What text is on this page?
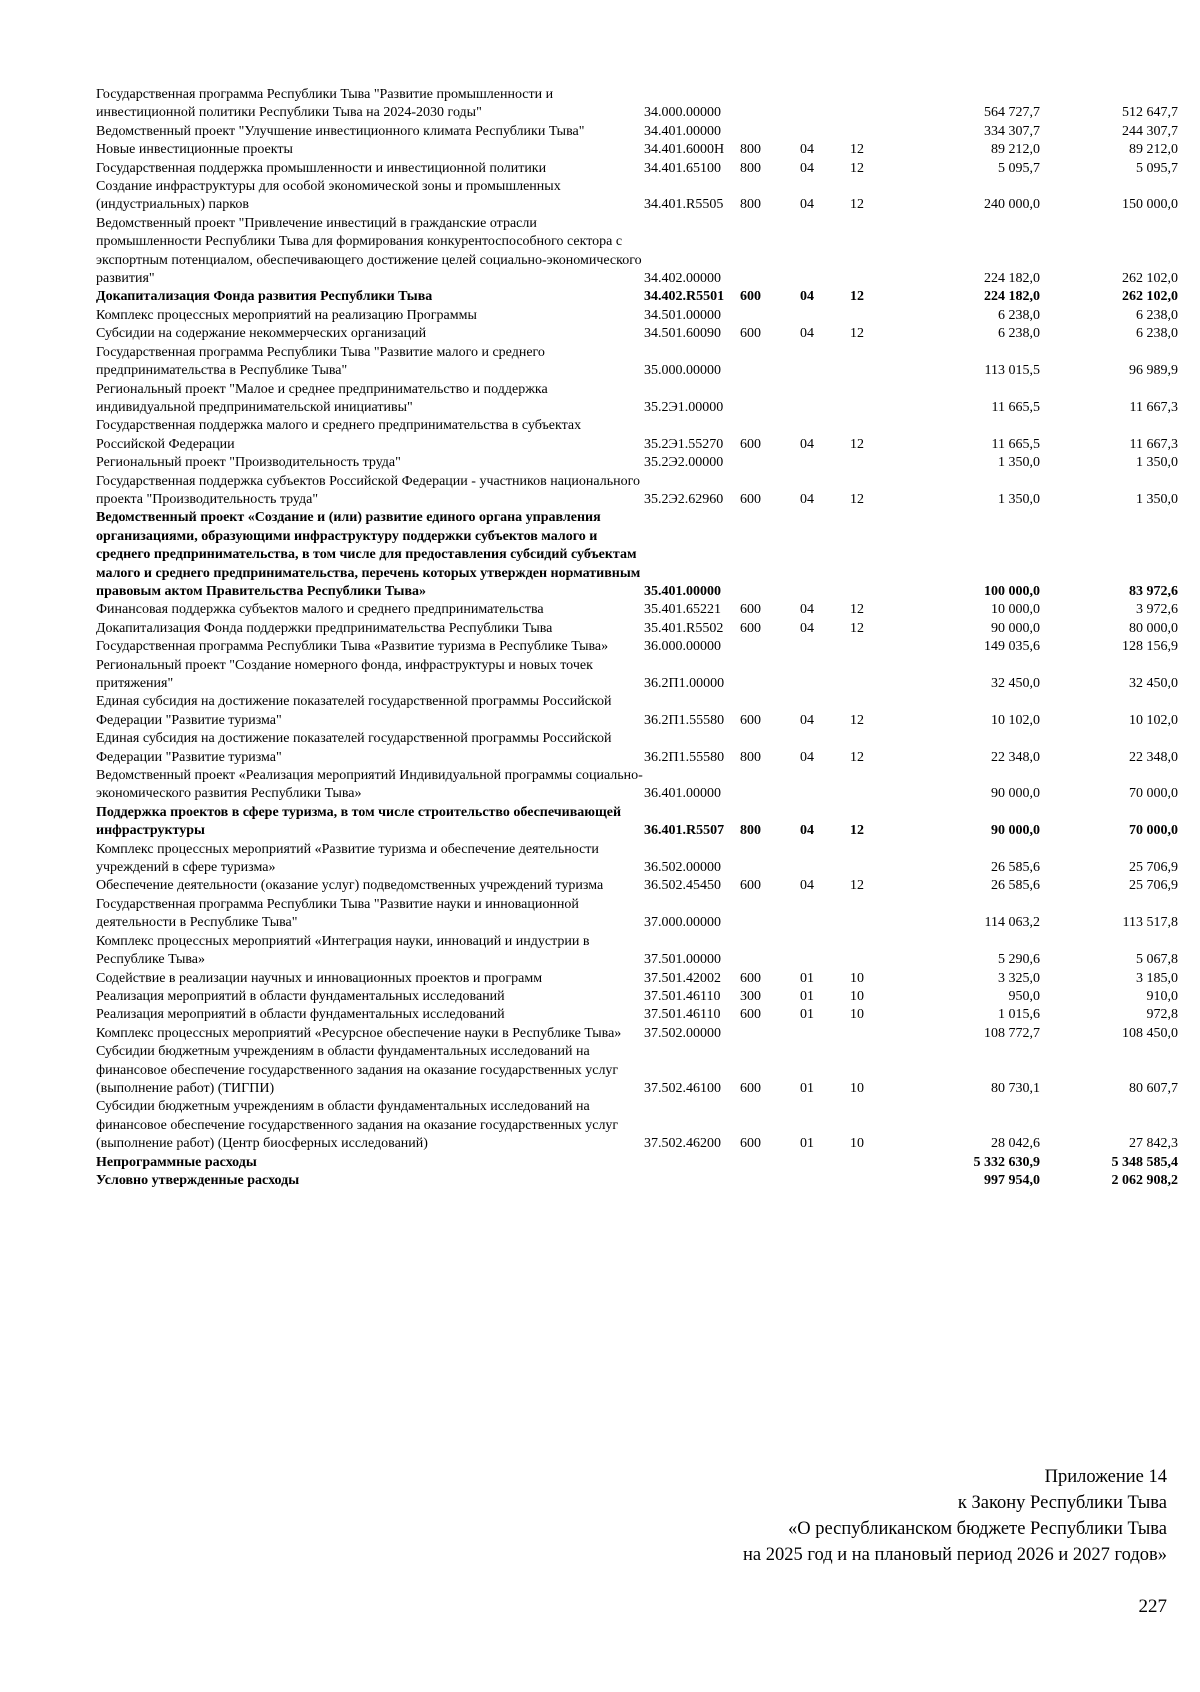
Государственная программа Республики Тыва "Развитие промышленности и инвестиционной политики Республики Тыва на 2024-2030 годы"	34.000.00000				564 727,7	512 647,7
Ведомственный проект "Улучшение инвестиционного климата Республики Тыва"	34.401.00000				334 307,7	244 307,7
Новые инвестиционные проекты	34.401.6000Н	800	04	12	89 212,0	89 212,0
Государственная поддержка промышленности и инвестиционной политики	34.401.65100	800	04	12	5 095,7	5 095,7
Создание инфраструктуры для особой экономической зоны и промышленных (индустриальных) парков	34.401.R5505	800	04	12	240 000,0	150 000,0
Ведомственный проект "Привлечение инвестиций в гражданские отрасли промышленности Республики Тыва для формирования конкурентоспособного сектора с экспортным потенциалом, обеспечивающего достижение целей социально-экономического развития"	34.402.00000				224 182,0	262 102,0
Докапитализация Фонда развития Республики Тыва	34.402.R5501	600	04	12	224 182,0	262 102,0
Комплекс процессных мероприятий на реализацию Программы	34.501.00000				6 238,0	6 238,0
Субсидии на содержание некоммерческих организаций	34.501.60090	600	04	12	6 238,0	6 238,0
Государственная программа Республики Тыва "Развитие малого и среднего предпринимательства в Республике Тыва"	35.000.00000				113 015,5	96 989,9
Региональный проект "Малое и среднее предпринимательство и поддержка индивидуальной предпринимательской инициативы"	35.2Э1.00000				11 665,5	11 667,3
Государственная поддержка малого и среднего предпринимательства в субъектах Российской Федерации	35.2Э1.55270	600	04	12	11 665,5	11 667,3
Региональный проект "Производительность труда"	35.2Э2.00000				1 350,0	1 350,0
Государственная поддержка субъектов Российской Федерации - участников национального проекта "Производительность труда"	35.2Э2.62960	600	04	12	1 350,0	1 350,0
Ведомственный проект «Создание и (или) развитие единого органа управления организациями, образующими инфраструктуру поддержки субъектов малого и среднего предпринимательства, в том числе для предоставления субсидий субъектам малого и среднего предпринимательства, перечень которых утвержден нормативным правовым актом Правительства Республики Тыва»	35.401.00000				100 000,0	83 972,6
Финансовая поддержка субъектов малого и среднего предпринимательства	35.401.65221	600	04	12	10 000,0	3 972,6
Докапитализация Фонда поддержки предпринимательства Республики Тыва	35.401.R5502	600	04	12	90 000,0	80 000,0
Государственная программа Республики Тыва «Развитие туризма в Республике Тыва»	36.000.00000				149 035,6	128 156,9
Региональный проект "Создание номерного фонда, инфраструктуры и новых точек притяжения"	36.2П1.00000				32 450,0	32 450,0
Единая субсидия на достижение показателей государственной программы Российской Федерации "Развитие туризма"	36.2П1.55580	600	04	12	10 102,0	10 102,0
Единая субсидия на достижение показателей государственной программы Российской Федерации "Развитие туризма"	36.2П1.55580	800	04	12	22 348,0	22 348,0
Ведомственный проект «Реализация мероприятий Индивидуальной программы социально-экономического развития Республики Тыва»	36.401.00000				90 000,0	70 000,0
Поддержка проектов в сфере туризма, в том числе строительство обеспечивающей инфраструктуры	36.401.R5507	800	04	12	90 000,0	70 000,0
Комплекс процессных мероприятий «Развитие туризма и обеспечение деятельности учреждений в сфере туризма»	36.502.00000				26 585,6	25 706,9
Обеспечение деятельности (оказание услуг) подведомственных учреждений туризма	36.502.45450	600	04	12	26 585,6	25 706,9
Государственная программа Республики Тыва "Развитие науки и инновационной деятельности в Республике Тыва"	37.000.00000				114 063,2	113 517,8
Комплекс процессных мероприятий «Интеграция науки, инноваций и индустрии в Республике Тыва»	37.501.00000				5 290,6	5 067,8
Содействие в реализации научных и инновационных проектов и программ	37.501.42002	600	01	10	3 325,0	3 185,0
Реализация мероприятий в области фундаментальных исследований	37.501.46110	300	01	10	950,0	910,0
Реализация мероприятий в области фундаментальных исследований	37.501.46110	600	01	10	1 015,6	972,8
Комплекс процессных мероприятий «Ресурсное обеспечение науки в Республике Тыва»	37.502.00000				108 772,7	108 450,0
Субсидии бюджетным учреждениям в области фундаментальных исследований на финансовое обеспечение государственного задания на оказание государственных услуг (выполнение работ) (ТИГПИ)	37.502.46100	600	01	10	80 730,1	80 607,7
Субсидии бюджетным учреждениям в области фундаментальных исследований на финансовое обеспечение государственного задания на оказание государственных услуг (выполнение работ) (Центр биосферных исследований)	37.502.46200	600	01	10	28 042,6	27 842,3
Непрограммные расходы					5 332 630,9	5 348 585,4
Условно утвержденные расходы					997 954,0	2 062 908,2
Приложение 14
к Закону Республики Тыва
«О республиканском бюджете Республики Тыва
на 2025 год и на плановый период 2026 и 2027 годов»
227
